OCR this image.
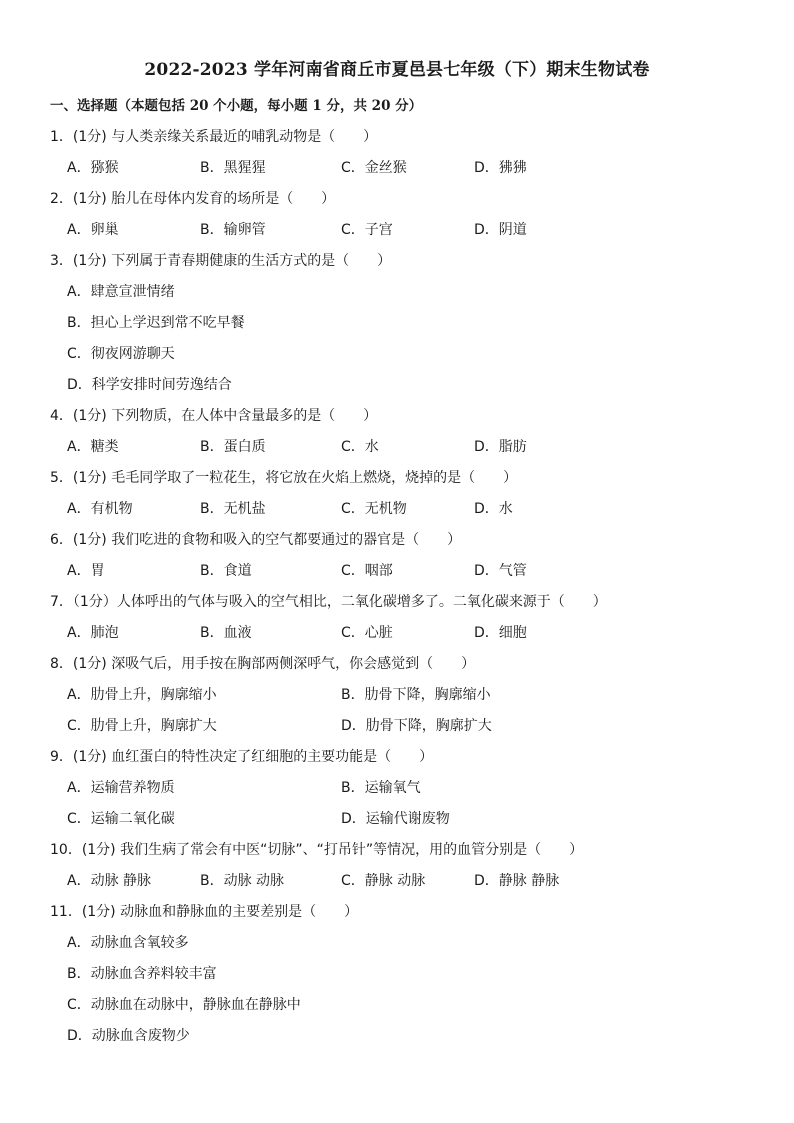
2022-2023 学年河南省商丘市夏邑县七年级（下）期末生物试卷
一、选择题（本题包括 20 个小题，每小题 1 分，共 20 分）
1．(1分) 与人类亲缘关系最近的哺乳动物是（　　）
A．猕猴	B．黑猩猩	C．金丝猴	D．狒狒
2．(1分) 胎儿在母体内发育的场所是（　　）
A．卵巢	B．输卵管	C．子宫	D．阴道
3．(1分) 下列属于青春期健康的生活方式的是（　　）
A．肆意宣泄情绪
B．担心上学迟到常不吃早餐
C．彻夜网游聊天
D．科学安排时间劳逸结合
4．(1分) 下列物质，在人体中含量最多的是（　　）
A．糖类	B．蛋白质	C．水	D．脂肪
5．(1分) 毛毛同学取了一粒花生，将它放在火焰上燃烧，烧掉的是（　　）
A．有机物	B．无机盐	C．无机物	D．水
6．(1分) 我们吃进的食物和吸入的空气都要通过的器官是（　　）
A．胃	B．食道	C．咽部	D．气管
7．（1分）人体呼出的气体与吸入的空气相比，二氧化碳增多了。二氧化碳来源于（　　）
A．肺泡	B．血液	C．心脏	D．细胞
8．(1分) 深吸气后，用手按在胸部两侧深呼气，你会感觉到（　　）
A．肋骨上升，胸廓缩小	B．肋骨下降，胸廓缩小
C．肋骨上升，胸廓扩大	D．肋骨下降，胸廓扩大
9．(1分) 血红蛋白的特性决定了红细胞的主要功能是（　　）
A．运输营养物质	B．运输氧气
C．运输二氧化碳	D．运输代谢废物
10．(1分) 我们生病了常会有中医“切脉”、“打吊针”等情况，用的血管分别是（　　）
A．动脉 静脉	B．动脉 动脉	C．静脉 动脉	D．静脉 静脉
11．(1分) 动脉血和静脉血的主要差别是（　　）
A．动脉血含氧较多
B．动脉血含养料较丰富
C．动脉血在动脉中，静脉血在静脉中
D．动脉血含废物少
